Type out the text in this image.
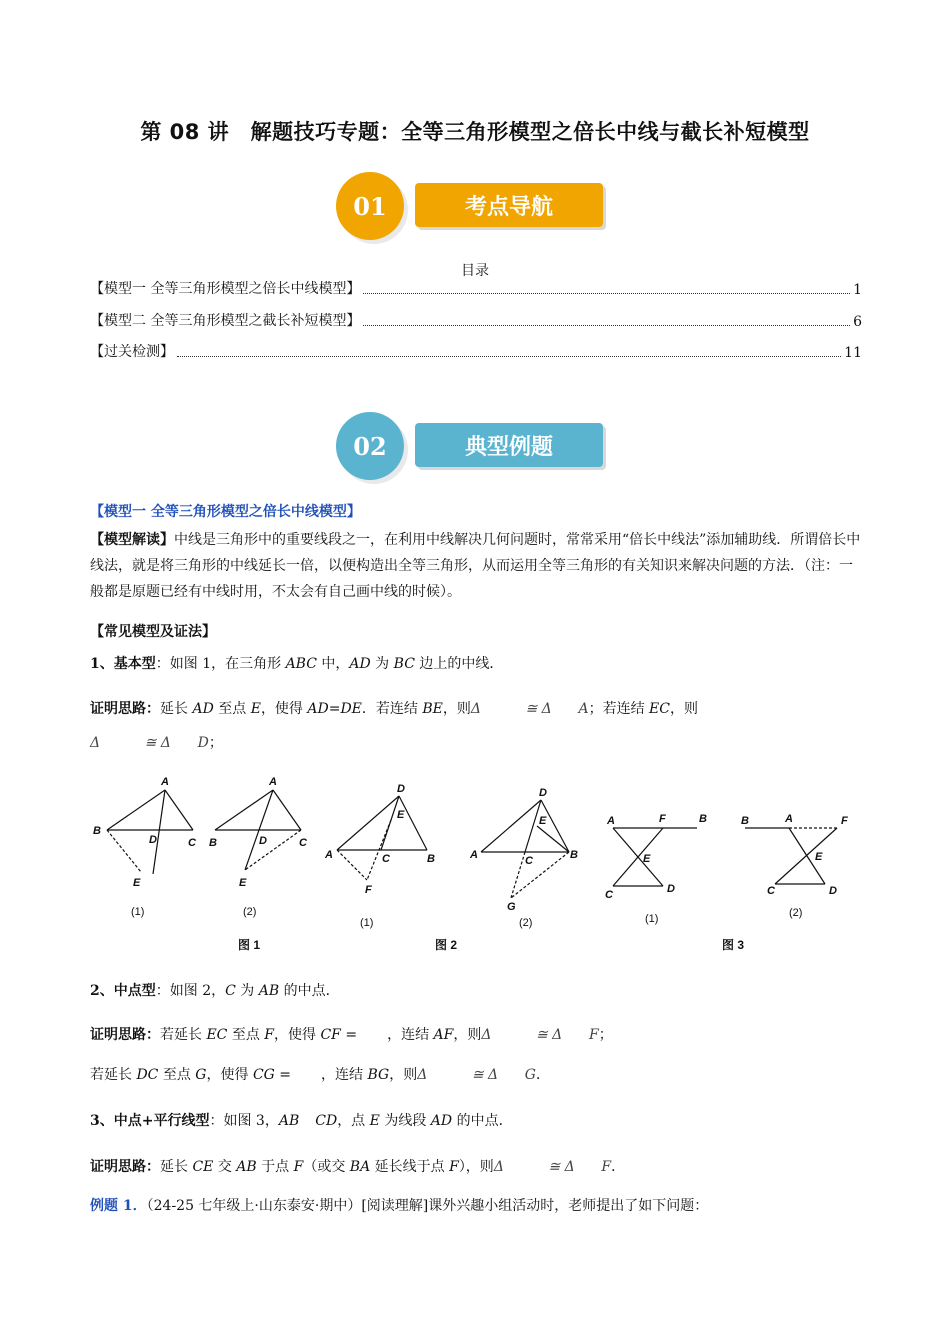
第 08 讲　解题技巧专题：全等三角形模型之倍长中线与截长补短模型
01	考点导航
目录
【模型一 全等三角形模型之倍长中线模型】	1
【模型二 全等三角形模型之截长补短模型】	6
【过关检测】	11
02	典型例题
【模型一 全等三角形模型之倍长中线模型】
【模型解读】中线是三角形中的重要线段之一，在利用中线解决几何问题时，常常采用“倍长中线法”添加辅助线．所谓倍长中线法，就是将三角形的中线延长一倍，以便构造出全等三角形，从而运用全等三角形的有关知识来解决问题的方法．（注：一般都是原题已经有中线时用，不太会有自己画中线的时候）。
【常见模型及证法】
1、基本型：如图 1，在三角形 ABC 中，AD 为 BC 边上的中线．
证明思路：延长 AD 至点 E，使得 AD=DE．若连结 BE，则Δ          ≅ Δ      A；若连结 EC，则
Δ          ≅ Δ      D；
A
B
D	C
E
A
B	D	C
E
(1)	(2)
D
E
A	C	B
F
D
E
A	C	B
G
(1)	(2)
A	F	B
E
C	D
B	A	F
E
C	D
(1)	(2)
图 1	图 2	图 3
2、中点型：如图 2，C 为 AB 的中点．
证明思路：若延长 EC 至点 F，使得 CF = ，连结 AF，则Δ          ≅ Δ      F；
若延长 DC 至点 G，使得 CG = ，连结 BG，则Δ          ≅ Δ      G．
3、中点+平行线型：如图 3，AB CD，点 E 为线段 AD 的中点．
证明思路：延长 CE 交 AB 于点 F（或交 BA 延长线于点 F），则Δ          ≅ Δ      F．
例题 1．（24-25 七年级上·山东泰安·期中）[阅读理解]课外兴趣小组活动时，老师提出了如下问题：
